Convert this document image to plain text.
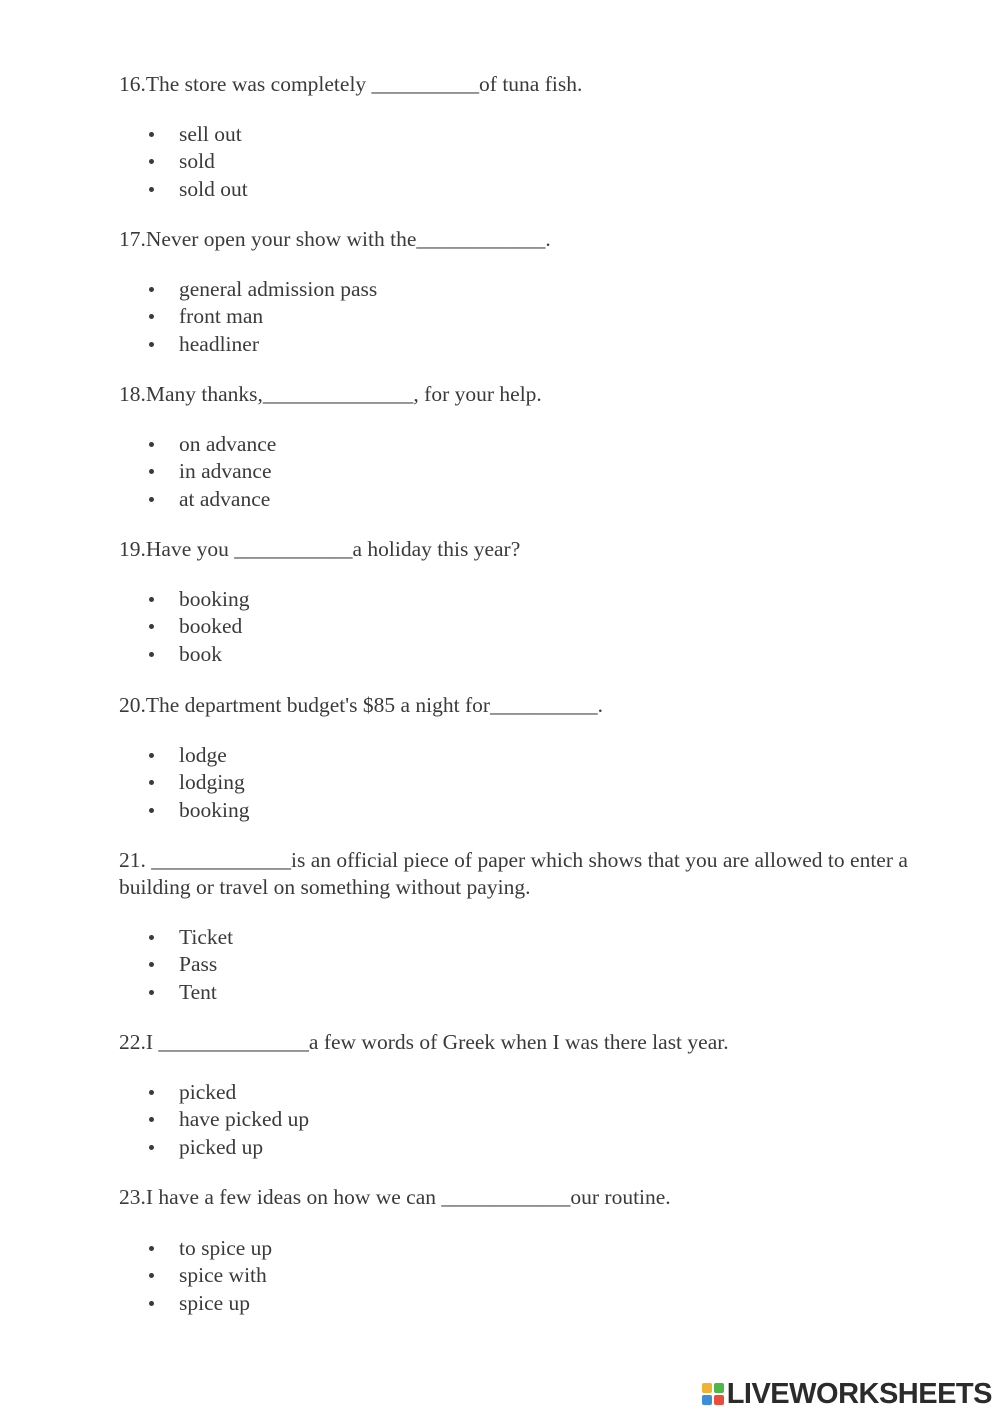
16.The store was completely __________of tuna fish.

sell out
sold
sold out

17.Never open your show with the____________.

general admission pass
front man
headliner

18.Many thanks,______________, for your help.

on advance
in advance
at advance

19.Have you ___________a holiday this year?

booking
booked
book

20.The department budget's $85 a night for__________.

lodge
lodging
booking

21. _____________is an official piece of paper which shows that you are allowed to enter a building or travel on something without paying.

Ticket
Pass
Tent

22.I ______________a few words of Greek when I was there last year.

picked
have picked up
picked up

23.I have a few ideas on how we can ____________our routine.

to spice up
spice with
spice up
LIVEWORKSHEETS
